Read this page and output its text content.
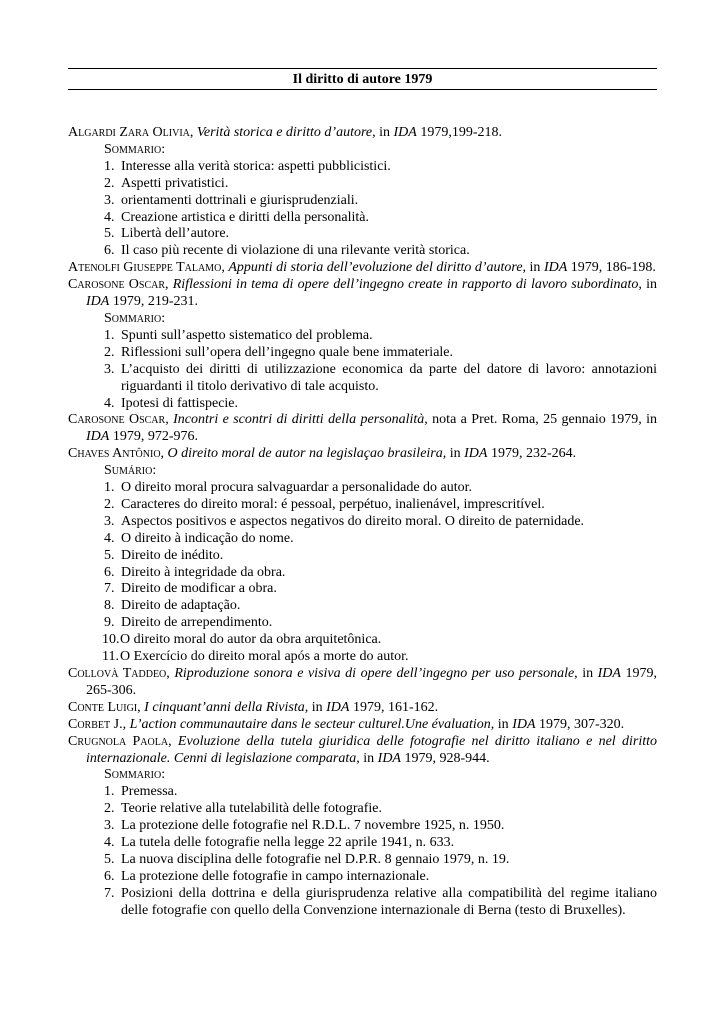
Il diritto di autore 1979
Algardi Zara Olivia, Verità storica e diritto d’autore, in IDA 1979,199-218.
Sommario:
1. Interesse alla verità storica: aspetti pubblicistici.
2. Aspetti privatistici.
3. orientamenti dottrinali e giurisprudenziali.
4. Creazione artistica e diritti della personalità.
5. Libertà dell’autore.
6. Il caso più recente di violazione di una rilevante verità storica.
Atenolfi Giuseppe Talamo, Appunti di storia dell’evoluzione del diritto d’autore, in IDA 1979, 186-198.
Carosone Oscar, Riflessioni in tema di opere dell’ingegno create in rapporto di lavoro subordinato, in IDA 1979, 219-231.
Sommario:
1. Spunti sull’aspetto sistematico del problema.
2. Riflessioni sull’opera dell’ingegno quale bene immateriale.
3. L’acquisto dei diritti di utilizzazione economica da parte del datore di lavoro: annotazioni riguardanti il titolo derivativo di tale acquisto.
4. Ipotesi di fattispecie.
Carosone Oscar, Incontri e scontri di diritti della personalità, nota a Pret. Roma, 25 gennaio 1979, in IDA 1979, 972-976.
Chaves Antônio, O direito moral de autor na legislaçao brasileira, in IDA 1979, 232-264.
Sumário:
1. O direito moral procura salvaguardar a personalidade do autor.
2. Caracteres do direito moral: é pessoal, perpétuo, inalienável, imprescritível.
3. Aspectos positivos e aspectos negativos do direito moral. O direito de paternidade.
4. O direito à indicação do nome.
5. Direito de inédito.
6. Direito à integridade da obra.
7. Direito de modificar a obra.
8. Direito de adaptação.
9. Direito de arrependimento.
10. O direito moral do autor da obra arquitetônica.
11. O Exercício do direito moral após a morte do autor.
Collovà Taddeo, Riproduzione sonora e visiva di opere dell’ingegno per uso personale, in IDA 1979, 265-306.
Conte Luigi, I cinquant’anni della Rivista, in IDA 1979, 161-162.
Corbet J., L’action communautaire dans le secteur culturel.Une évaluation, in IDA 1979, 307-320.
Crugnola Paola, Evoluzione della tutela giuridica delle fotografie nel diritto italiano e nel diritto internazionale. Cenni di legislazione comparata, in IDA 1979, 928-944.
Sommario:
1. Premessa.
2. Teorie relative alla tutelabilità delle fotografie.
3. La protezione delle fotografie nel R.D.L. 7 novembre 1925, n. 1950.
4. La tutela delle fotografie nella legge 22 aprile 1941, n. 633.
5. La nuova disciplina delle fotografie nel D.P.R. 8 gennaio 1979, n. 19.
6. La protezione delle fotografie in campo internazionale.
7. Posizioni della dottrina e della giurisprudenza relative alla compatibilità del regime italiano delle fotografie con quello della Convenzione internazionale di Berna (testo di Bruxelles).
